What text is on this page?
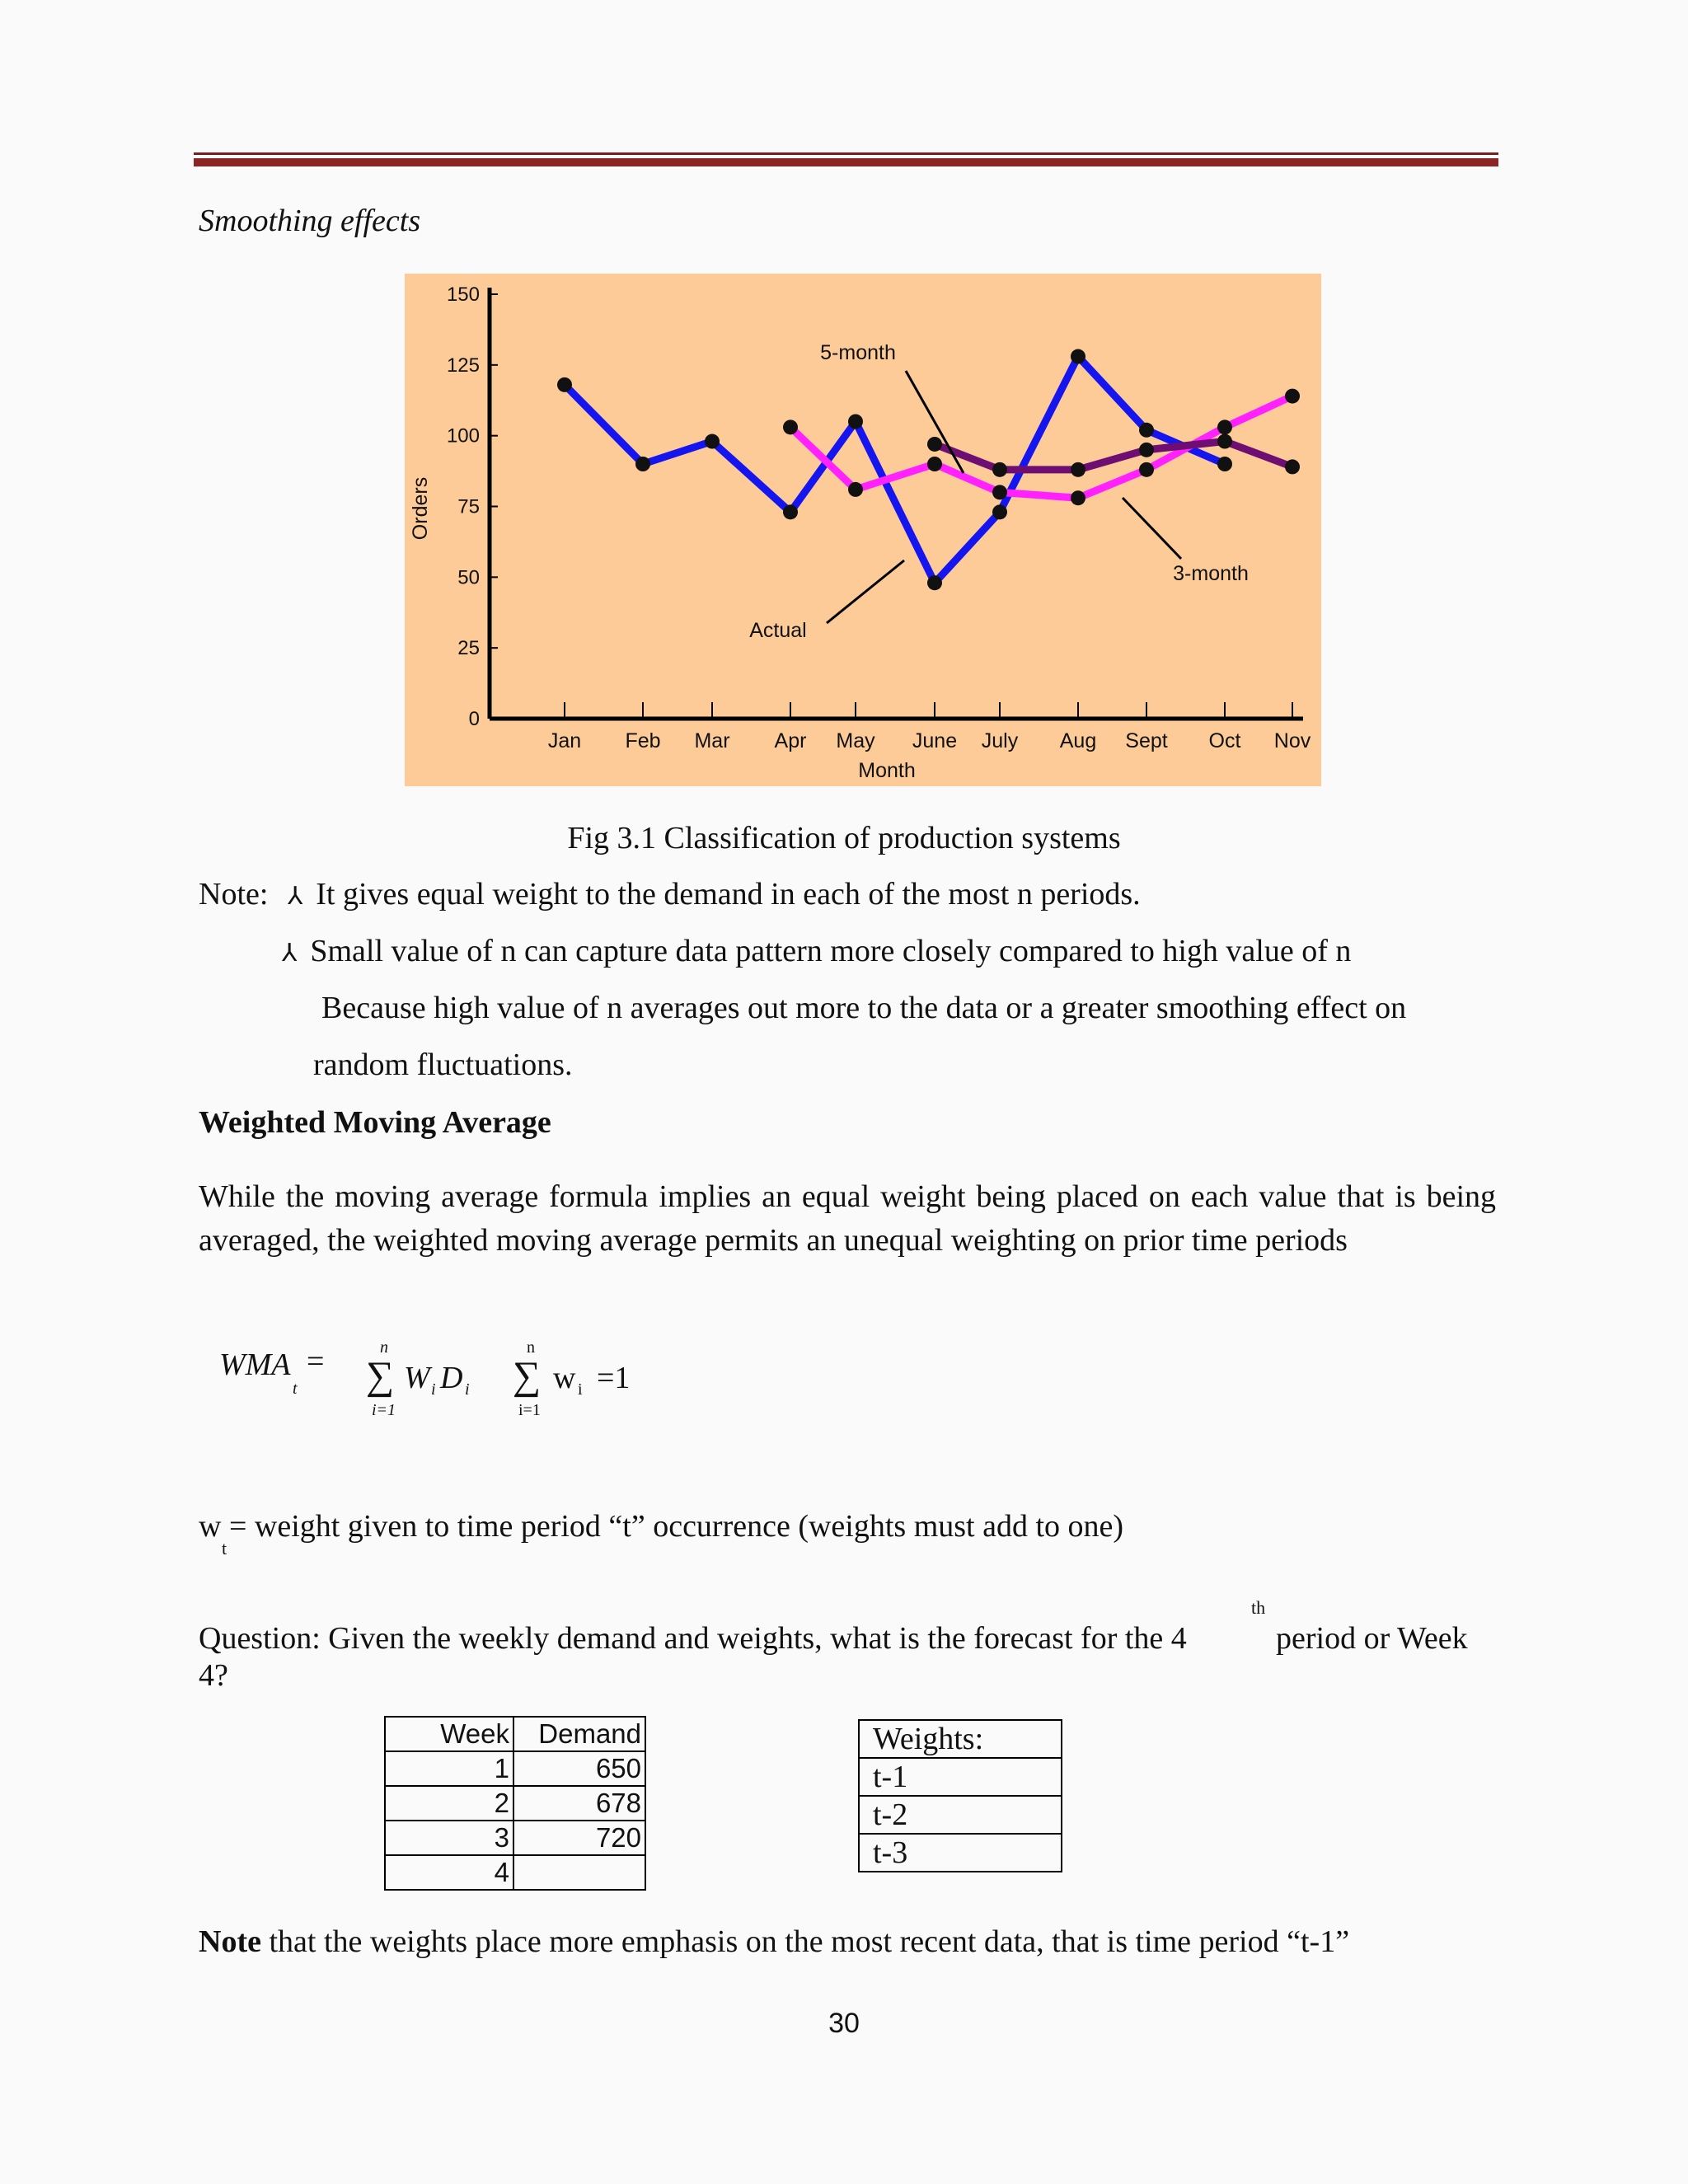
Smoothing effects
0
25
50
75
100
125
150
Jan Feb Mar Apr May June July Aug Sept Oct Nov
Month
Orders
5-month
3-month
Actual
Fig 3.1 Classification of production systems
Note: ⅄ It gives equal weight to the demand in each of the most n periods.
⅄ Small value of n can capture data pattern more closely compared to high value of n
Because high value of n averages out more to the data or a greater smoothing effect on
random fluctuations.
Weighted Moving Average
While the moving average formula implies an equal weight being placed on each value that is being averaged, the weighted moving average permits an unequal weighting on prior time periods
WMA
t
=	n
∑
i=1
W i D i
n
∑
i=1
w i =1
w = weight given to time period “t” occurrence (weights must add to one)
t
th
Question: Given the weekly demand and weights, what is the forecast for the 4	period or Week
4?
Week	Demand
1	650
2	678
3	720
4	
Weights:
t-1
t-2
t-3
Note that the weights place more emphasis on the most recent data, that is time period “t-1”
30
